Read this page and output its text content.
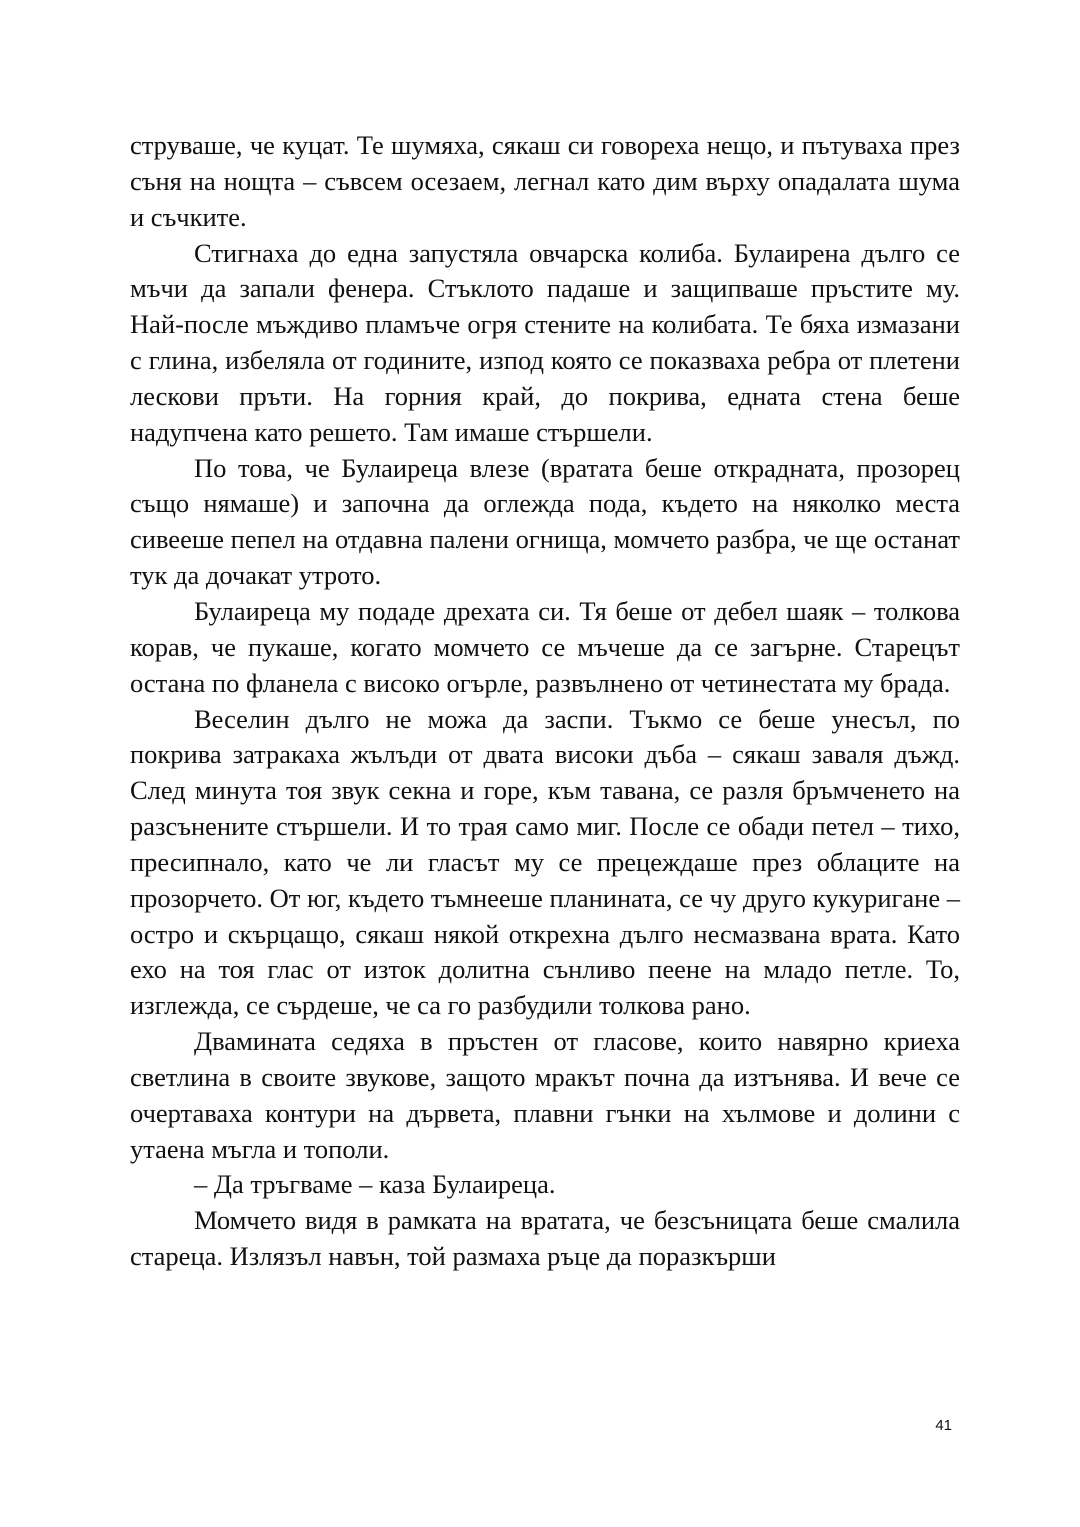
струваше, че куцат. Те шумяха, сякаш си говореха нещо, и пътуваха през съня на нощта – съвсем осезаем, легнал като дим върху опадалата шума и съчките.

Стигнаха до една запустяла овчарска колиба. Булаирена дълго се мъчи да запали фенера. Стъклото падаше и защипваше пръстите му. Най-после мъждиво пламъче огря стените на колибата. Те бяха измазани с глина, избеляла от годините, изпод която се показваха ребра от плетени лескови пръти. На горния край, до покрива, едната стена беше надупчена като решето. Там имаше стършели.

По това, че Булаиреца влезе (вратата беше открадната, прозорец също нямаше) и започна да оглежда пода, където на няколко места сивееше пепел на отдавна палени огнища, момчето разбра, че ще останат тук да дочакат утрото.

Булаиреца му подаде дрехата си. Тя беше от дебел шаяк – толкова корав, че пукаше, когато момчето се мъчеше да се загърне. Старецът остана по фланела с високо огърле, развълнено от четинестата му брада.

Веселин дълго не можа да заспи. Тъкмо се беше унесъл, по покрива затракаха жълъди от двата високи дъба – сякаш заваля дъжд. След минута тоя звук секна и горе, към тавана, се разля бръмченето на разсънените стършели. И то трая само миг. После се обади петел – тихо, пресипнало, като че ли гласът му се прецеждаше през облаците на прозорчето. От юг, където тъмнееше планината, се чу друго кукуригане – остро и скърцащо, сякаш някой открехна дълго несмазвана врата. Като ехо на тоя глас от изток долитна сънливо пеене на младо петле. То, изглежда, се сърдеше, че са го разбудили толкова рано.

Двамината седяха в пръстен от гласове, които навярно криеха светлина в своите звукове, защото мракът почна да изтънява. И вече се очертаваха контури на дървета, плавни гънки на хълмове и долини с утаена мъгла и тополи.

– Да тръгваме – каза Булаиреца.

Момчето видя в рамката на вратата, че безсъницата беше смалила стареца. Излязъл навън, той размаха ръце да поразкърши

41
